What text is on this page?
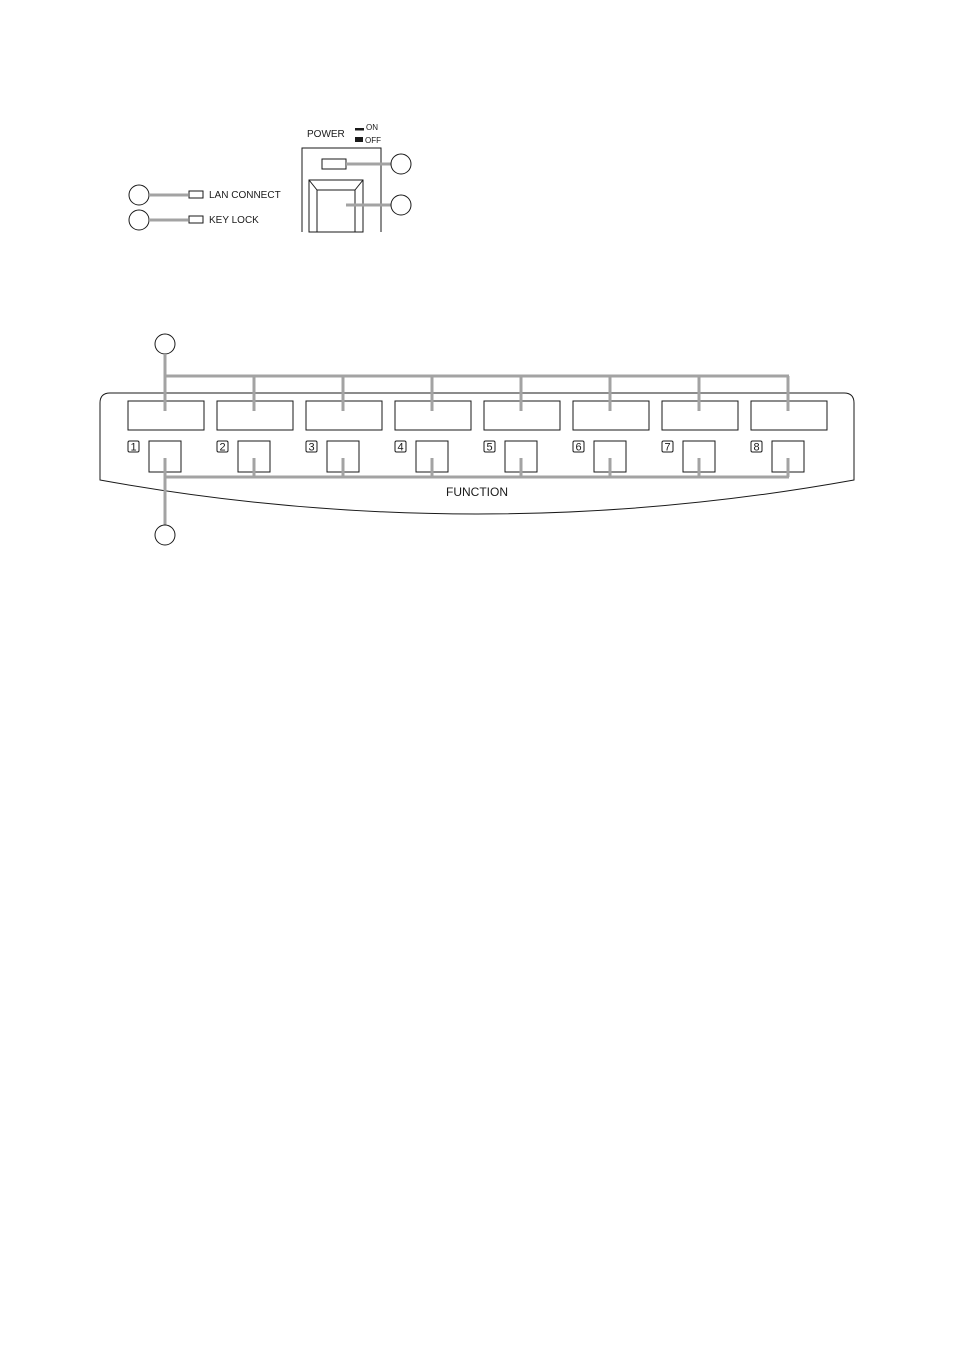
LAN CONNECT
KEY LOCK
POWER
ON
OFF
1	2	3	4	5	6	7	8
FUNCTION
